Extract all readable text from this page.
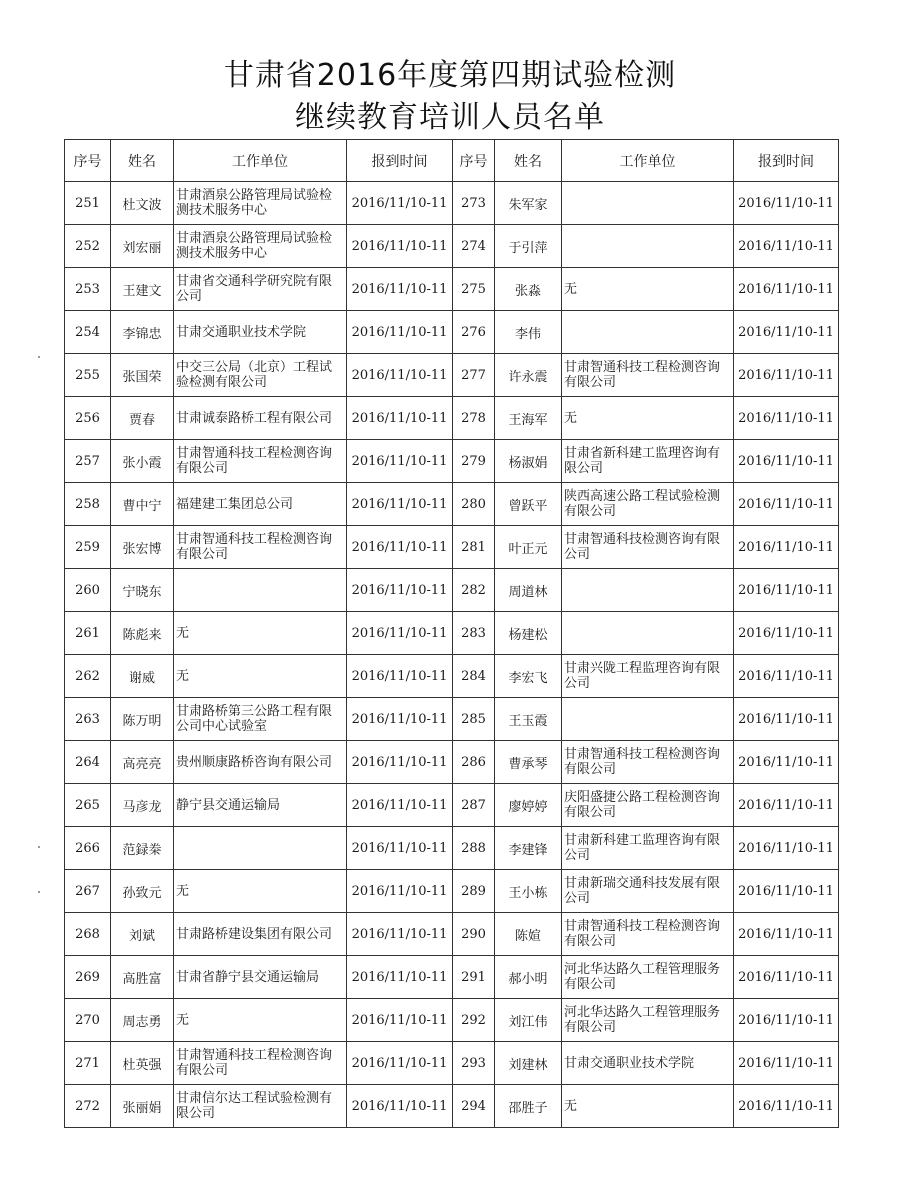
甘肃省2016年度第四期试验检测
继续教育培训人员名单
序号	姓名	工作单位	报到时间	序号	姓名	工作单位	报到时间
251	杜文波	甘肃酒泉公路管理局试验检测技术服务中心	2016/11/10-11	273	朱军家		2016/11/10-11
252	刘宏丽	甘肃酒泉公路管理局试验检测技术服务中心	2016/11/10-11	274	于引萍		2016/11/10-11
253	王建文	甘肃省交通科学研究院有限公司	2016/11/10-11	275	张淼	无	2016/11/10-11
254	李锦忠	甘肃交通职业技术学院	2016/11/10-11	276	李伟		2016/11/10-11
255	张国荣	中交三公局（北京）工程试验检测有限公司	2016/11/10-11	277	许永震	甘肃智通科技工程检测咨询有限公司	2016/11/10-11
256	贾春	甘肃诚泰路桥工程有限公司	2016/11/10-11	278	王海军	无	2016/11/10-11
257	张小霞	甘肃智通科技工程检测咨询有限公司	2016/11/10-11	279	杨淑娟	甘肃省新科建工监理咨询有限公司	2016/11/10-11
258	曹中宁	福建建工集团总公司	2016/11/10-11	280	曾跃平	陕西高速公路工程试验检测有限公司	2016/11/10-11
259	张宏博	甘肃智通科技工程检测咨询有限公司	2016/11/10-11	281	叶正元	甘肃智通科技检测咨询有限公司	2016/11/10-11
260	宁晓东		2016/11/10-11	282	周道林		2016/11/10-11
261	陈彪来	无	2016/11/10-11	283	杨建松		2016/11/10-11
262	谢威	无	2016/11/10-11	284	李宏飞	甘肃兴陇工程监理咨询有限公司	2016/11/10-11
263	陈万明	甘肃路桥第三公路工程有限公司中心试验室	2016/11/10-11	285	王玉霞		2016/11/10-11
264	高亮亮	贵州顺康路桥咨询有限公司	2016/11/10-11	286	曹承琴	甘肃智通科技工程检测咨询有限公司	2016/11/10-11
265	马彦龙	静宁县交通运输局	2016/11/10-11	287	廖婷婷	庆阳盛捷公路工程检测咨询有限公司	2016/11/10-11
266	范録桊		2016/11/10-11	288	李建锋	甘肃新科建工监理咨询有限公司	2016/11/10-11
267	孙致元	无	2016/11/10-11	289	王小栋	甘肃新瑞交通科技发展有限公司	2016/11/10-11
268	刘斌	甘肃路桥建设集团有限公司	2016/11/10-11	290	陈媗	甘肃智通科技工程检测咨询有限公司	2016/11/10-11
269	高胜富	甘肃省静宁县交通运输局	2016/11/10-11	291	郝小明	河北华达路久工程管理服务有限公司	2016/11/10-11
270	周志勇	无	2016/11/10-11	292	刘江伟	河北华达路久工程管理服务有限公司	2016/11/10-11
271	杜英强	甘肃智通科技工程检测咨询有限公司	2016/11/10-11	293	刘建林	甘肃交通职业技术学院	2016/11/10-11
272	张丽娟	甘肃信尔达工程试验检测有限公司	2016/11/10-11	294	邵胜子	无	2016/11/10-11
